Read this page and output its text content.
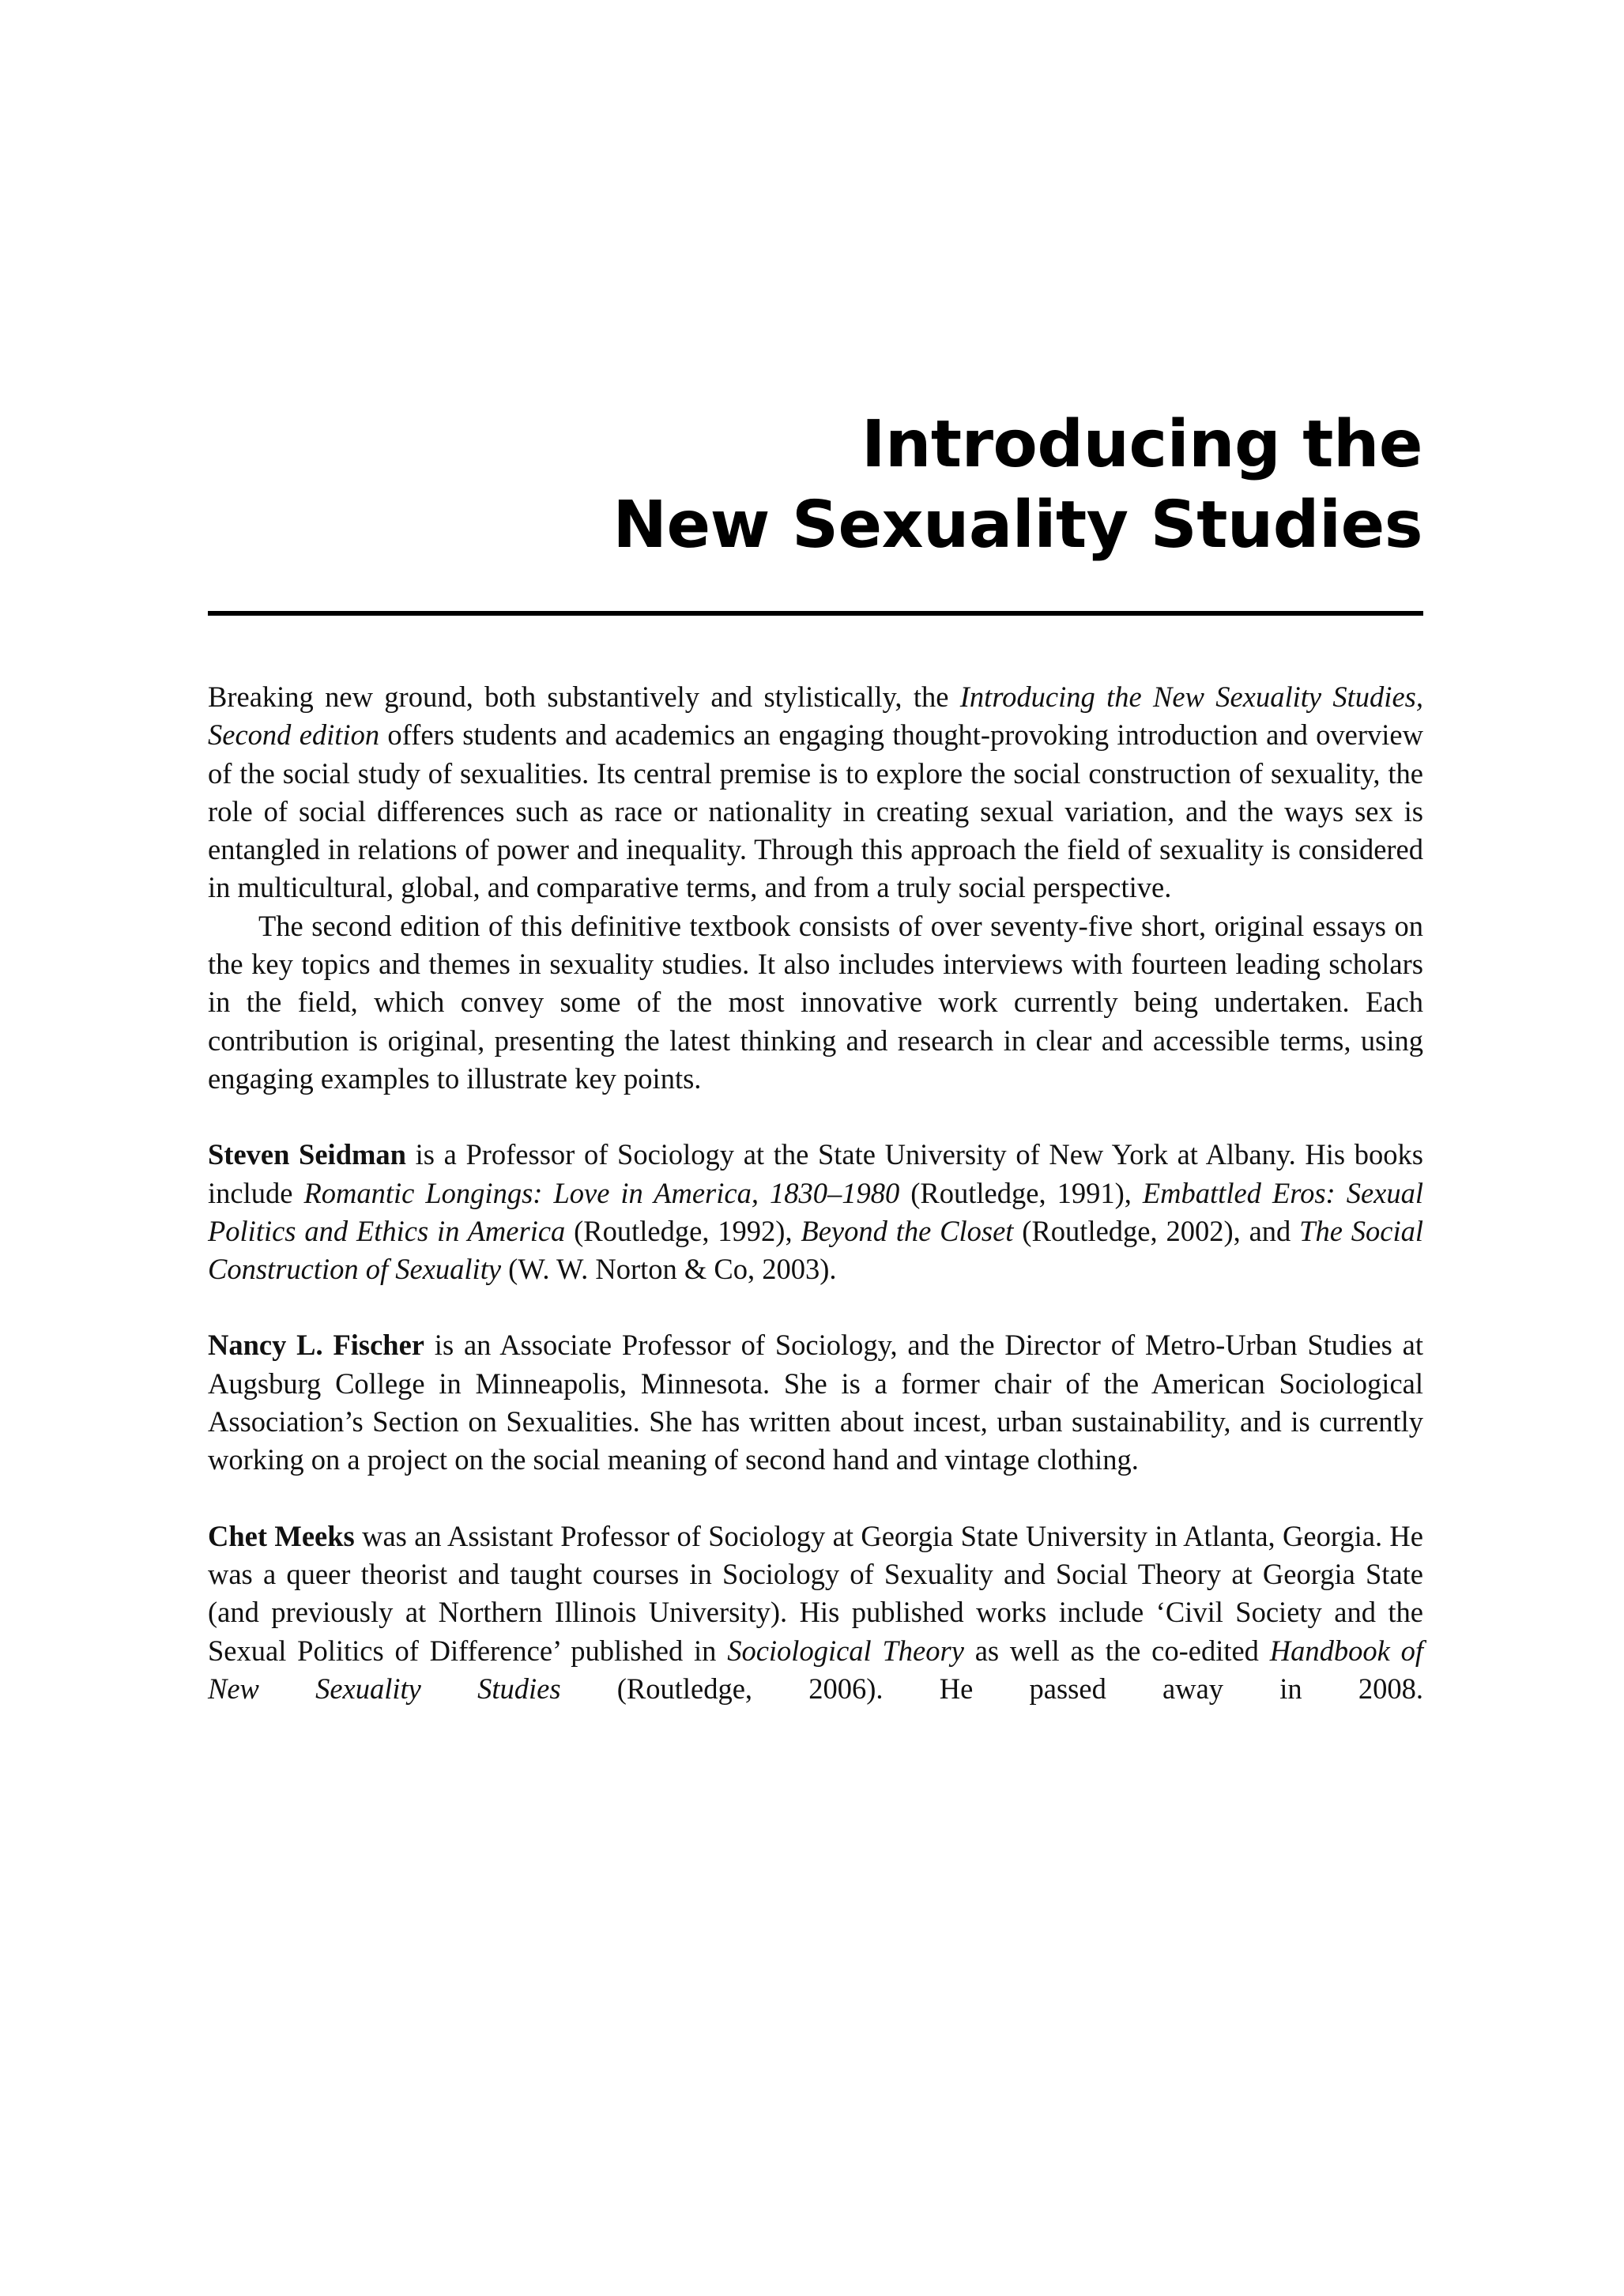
Introducing the
New Sexuality Studies

Breaking new ground, both substantively and stylistically, the Introducing the New Sexuality Studies, Second edition offers students and academics an engaging thought-provoking introduction and overview of the social study of sexualities. Its central premise is to explore the social construction of sexuality, the role of social differences such as race or nationality in creating sexual variation, and the ways sex is entangled in relations of power and inequality. Through this approach the field of sexuality is considered in multicultural, global, and comparative terms, and from a truly social perspective.

The second edition of this definitive textbook consists of over seventy-five short, original essays on the key topics and themes in sexuality studies. It also includes interviews with fourteen leading scholars in the field, which convey some of the most innovative work currently being undertaken. Each contribution is original, presenting the latest thinking and research in clear and accessible terms, using engaging examples to illustrate key points.

Steven Seidman is a Professor of Sociology at the State University of New York at Albany. His books include Romantic Longings: Love in America, 1830–1980 (Routledge, 1991), Embattled Eros: Sexual Politics and Ethics in America (Routledge, 1992), Beyond the Closet (Routledge, 2002), and The Social Construction of Sexuality (W. W. Norton & Co, 2003).

Nancy L. Fischer is an Associate Professor of Sociology, and the Director of Metro-Urban Studies at Augsburg College in Minneapolis, Minnesota. She is a former chair of the American Sociological Association’s Section on Sexualities. She has written about incest, urban sustainability, and is currently working on a project on the social meaning of second hand and vintage clothing.

Chet Meeks was an Assistant Professor of Sociology at Georgia State University in Atlanta, Georgia. He was a queer theorist and taught courses in Sociology of Sexuality and Social Theory at Georgia State (and previously at Northern Illinois University). His published works include ‘Civil Society and the Sexual Politics of Difference’ published in Sociological Theory as well as the co-edited Handbook of New Sexuality Studies (Routledge, 2006). He passed away in 2008.
